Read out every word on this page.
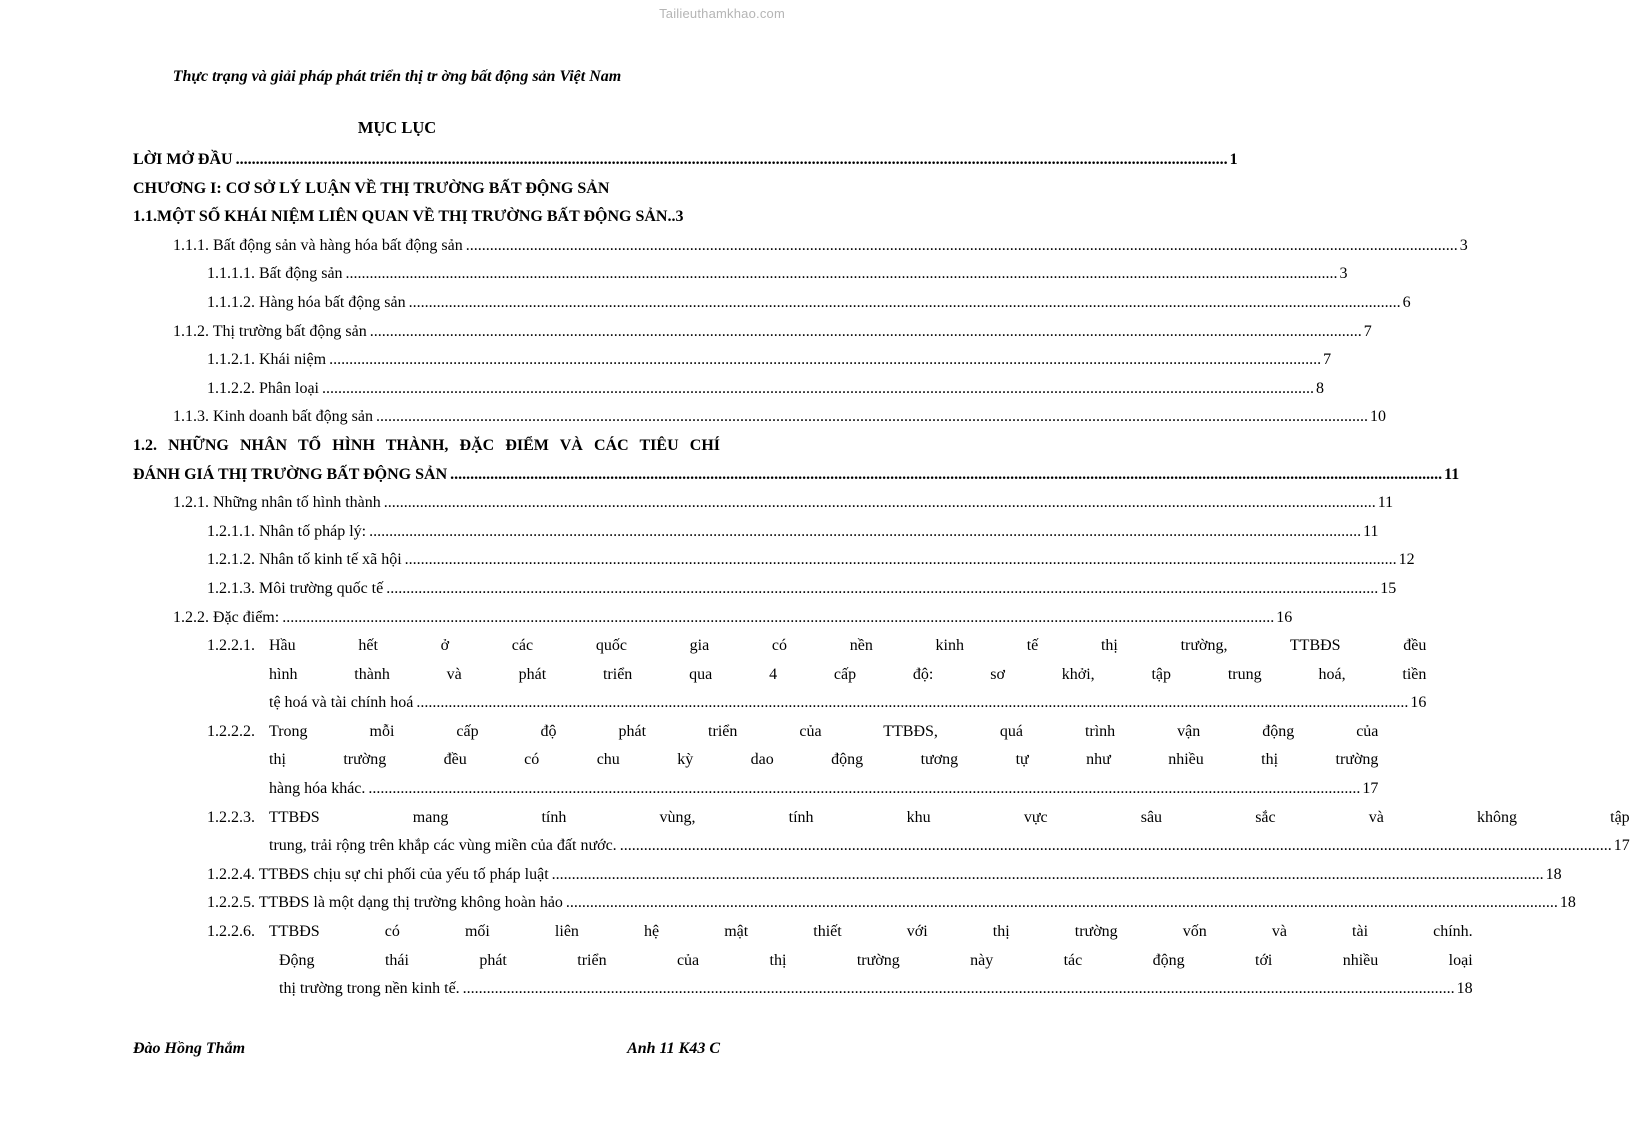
Tailieuthamkhao.com
Thực trạng và giải pháp phát triển thị tr ờng bất động sản Việt Nam
MỤC LỤC
LỜI MỞ ĐẦU .....	1
CHƯƠNG I: CƠ SỞ LÝ LUẬN VỀ THỊ TRƯỜNG BẤT ĐỘNG SẢN
1.1.MỘT SỐ KHÁI NIỆM LIÊN QUAN VỀ THỊ TRƯỜNG BẤT ĐỘNG SẢN..3
1.1.1. Bất động sản và hàng hóa bất động sản .....	3
1.1.1.1. Bất động sản .....	3
1.1.1.2. Hàng hóa bất động sản .....	6
1.1.2. Thị trường bất động sản .....	7
1.1.2.1. Khái niệm .....	7
1.1.2.2. Phân loại .....	8
1.1.3. Kinh doanh bất động sản .....	10
1.2. NHỮNG NHÂN TỐ HÌNH THÀNH, ĐẶC ĐIỂM VÀ CÁC TIÊU CHÍ
ĐÁNH GIÁ THỊ TRƯỜNG BẤT ĐỘNG SẢN .....	11
1.2.1. Những nhân tố hình thành .....	11
1.2.1.1. Nhân tố pháp lý: .....	11
1.2.1.2. Nhân tố kinh tế xã hội .....	12
1.2.1.3. Môi trường quốc tế .....	15
1.2.2. Đặc điểm: .....	16
1.2.2.1. Hầu hết ở các quốc gia có nền kinh tế thị trường, TTBĐS đều
hình thành và phát triển qua 4 cấp độ: sơ khởi, tập trung hoá, tiền
tệ hoá và tài chính hoá .....	16
1.2.2.2. Trong mỗi cấp độ phát triển của TTBĐS, quá trình vận động của
thị trường đều có chu kỳ dao động tương tự như nhiều thị trường
hàng hóa khác. .....	17
1.2.2.3. TTBĐS mang tính vùng, tính khu vực sâu sắc và không tập
trung, trải rộng trên khắp các vùng miền của đất nước. .....	17
1.2.2.4. TTBĐS chịu sự chi phối của yếu tố pháp luật .....	18
1.2.2.5. TTBĐS là một dạng thị trường không hoàn hảo .....	18
1.2.2.6. TTBĐS có mối liên hệ mật thiết với thị trường vốn và tài chính.
Động thái phát triển của thị trường này tác động tới nhiều loại
thị trường trong nền kinh tế. .....	18
Đào Hồng Thắm	Anh 11 K43 C
